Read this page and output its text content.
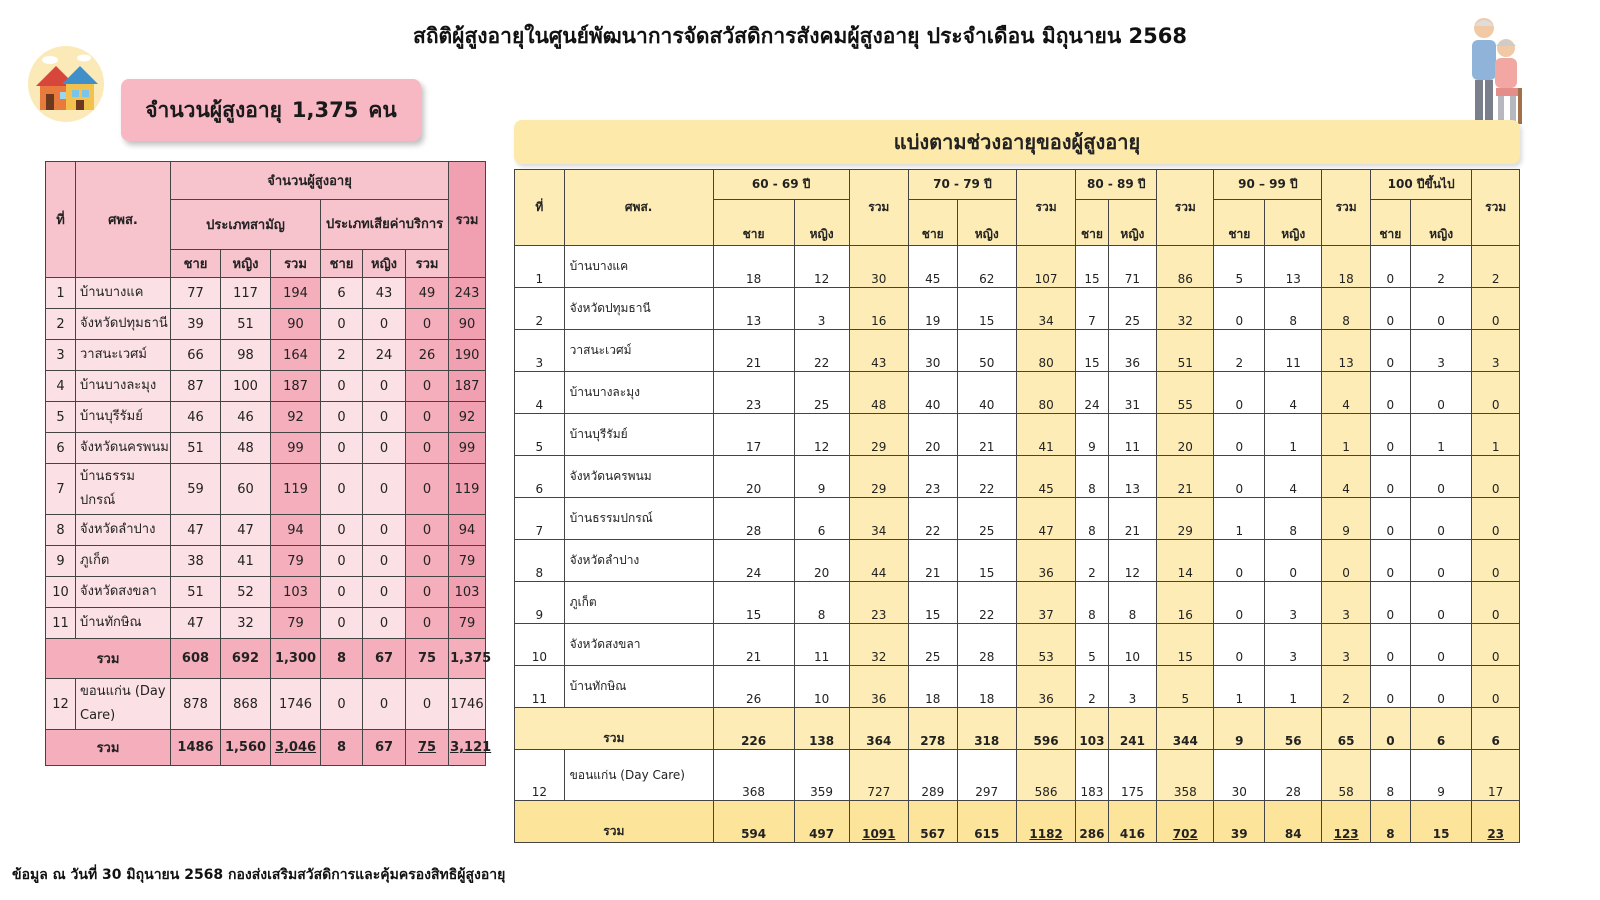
สถิติผู้สูงอายุในศูนย์พัฒนาการจัดสวัสดิการสังคมผู้สูงอายุ ประจำเดือน มิถุนายน 2568
จำนวนผู้สูงอายุ 1,375 คน
ที่	ศพส.	จำนวนผู้สูงอายุ						รวม
		ประเภทสามัญ			ประเภทเสียค่าบริการ			
		ชาย	หญิง	รวม	ชาย	หญิง	รวม	
1	บ้านบางแค	77	117	194	6	43	49	243
2	จังหวัดปทุมธานี	39	51	90	0	0	0	90
3	วาสนะเวศม์	66	98	164	2	24	26	190
4	บ้านบางละมุง	87	100	187	0	0	0	187
5	บ้านบุรีรัมย์	46	46	92	0	0	0	92
6	จังหวัดนครพนม	51	48	99	0	0	0	99
7	บ้านธรรมปกรณ์	59	60	119	0	0	0	119
8	จังหวัดลำปาง	47	47	94	0	0	0	94
9	ภูเก็ต	38	41	79	0	0	0	79
10	จังหวัดสงขลา	51	52	103	0	0	0	103
11	บ้านทักษิณ	47	32	79	0	0	0	79
รวม		608	692	1,300	8	67	75	1,375
12	ขอนแก่น (Day Care)	878	868	1746	0	0	0	1746
รวม		1486	1,560	3,046	8	67	75	3,121
แบ่งตามช่วงอายุของผู้สูงอายุ
ที่	ศพส.	60 - 69 ปี		รวม	70 - 79 ปี		รวม	80 - 89 ปี		รวม	90 – 99 ปี		รวม	100 ปีขึ้นไป		รวม	
		ชาย	หญิง		ชาย	หญิง		ชาย	หญิง		ชาย	หญิง		ชาย	หญิง		
1	บ้านบางแค	18	12	30	45	62	107	15	71	86	5	13	18	0	2	2	
2	จังหวัดปทุมธานี	13	3	16	19	15	34	7	25	32	0	8	8	0	0	0	
3	วาสนะเวศม์	21	22	43	30	50	80	15	36	51	2	11	13	0	3	3	
4	บ้านบางละมุง	23	25	48	40	40	80	24	31	55	0	4	4	0	0	0	
5	บ้านบุรีรัมย์	17	12	29	20	21	41	9	11	20	0	1	1	0	1	1	
6	จังหวัดนครพนม	20	9	29	23	22	45	8	13	21	0	4	4	0	0	0	
7	บ้านธรรมปกรณ์	28	6	34	22	25	47	8	21	29	1	8	9	0	0	0	
8	จังหวัดลำปาง	24	20	44	21	15	36	2	12	14	0	0	0	0	0	0	
9	ภูเก็ต	15	8	23	15	22	37	8	8	16	0	3	3	0	0	0	
10	จังหวัดสงขลา	21	11	32	25	28	53	5	10	15	0	3	3	0	0	0	
11	บ้านทักษิณ	26	10	36	18	18	36	2	3	5	1	1	2	0	0	0	
รวม		226	138	364	278	318	596	103	241	344	9	56	65	0	6	6	
12	ขอนแก่น (Day Care)	368	359	727	289	297	586	183	175	358	30	28	58	8	9	17	
รวม		594	497	1091	567	615	1182	286	416	702	39	84	123	8	15	23	
ข้อมูล ณ วันที่ 30 มิถุนายน 2568 กองส่งเสริมสวัสดิการและคุ้มครองสิทธิผู้สูงอายุ
